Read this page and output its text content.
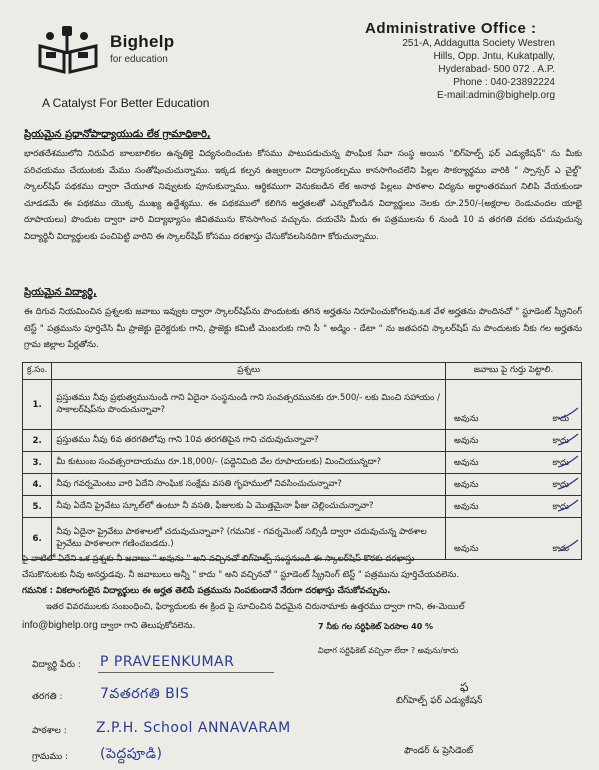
Bighelp
for education
A Catalyst For Better Education
Administrative Office :
251-A, Addagutta Society Westren
Hills, Opp. Jntu, Kukatpally,
Hyderabad- 500 072 . A.P.
Phone : 040-23892224
E-mail:admin@bighelp.org
ప్రియమైన ప్రధానోపాధ్యాయుడు లేక గ్రామాధికారి,
భారతదేశములోని నిరుపేద బాలబాలికల ఉన్నతికై విద్యనందించుట కోసము పాటుపడుచున్న పొంఘిక సేవా సంస్థ అయిన "బిగ్‌హెల్ప్ ఫర్ ఎడ్యుకేషన్" ను మీకు పరిచయము చేయుటకు మేము సంతోషించుచున్నాము. ఇక్కడ కల్పన ఉజ్వలంగా విద్యాసంకల్పము కానసాగించలేని పిల్లల సౌకర్యార్థము వారికి " స్పాన్సర్ ఎ చైల్డ్" స్కాలర్‌షిప్ పథకము ద్వారా చేయూత నివ్వుటకు పూనుకున్నాము. ఆర్థికముగా వెనుకబడిన లేక అనాథ పిల్లలు పాఠశాల విద్యను అర్థాంతరముగ నిలిపి వేయకుండా చూడడమే ఈ పథకము యొక్క ముఖ్య ఉద్దేశ్యము. ఈ పథకములో కలిగిన అర్హతలతో ఎన్నుకోబడిన విద్యార్థులు నెలకు రూ.250/-(అక్షరాల రెండువందల యాభై రూపాయలు) పొందుట ద్వారా వారి విద్యాభ్యాసం జీవితమును కొనసాగించ వచ్చును. దయచేసి మీరు ఈ పత్రములను 6 నుండి 10 వ తరగతి వరకు చదువుచున్న విద్యార్థినీ విద్యార్థులకు పంచిపెట్టి వారిని ఈ స్కాలర్‌షిప్ కోసము దరఖాస్తు చేసుకోవలసినదిగా కోరుచున్నాము.
ప్రియమైన విద్యార్థి,
ఈ దిగువ నియమించిన ప్రశ్నలకు జవాబు ఇవ్వుట ద్వారా స్కాలర్‌షిప్‌ను పొందుటకు తగిన అర్హతను నిరూపించుకోగలవు.ఒక వేళ అర్హతను పొందినచో " స్టూడెంట్ స్క్రీనింగ్ టెస్ట్ " పత్రమును పూర్తిచేసి మీ ప్రాజెక్టు డైరెక్టరుకు గాని, ప్రాజెక్టు కమిటీ మెంబరుకు గాని సీ " అడ్మిం - డేటా " ను జతపరచి స్కాలర్‌షిప్ ను పొందుటకు నీకు గల అర్హతను గ్రామ జిల్లాల పేర్లతోను.
క్ర.సం.	ప్రశ్నలు	జవాబు పై గుర్తు పెట్టాలి.
1.	ప్రస్తుతము నీవు ప్రభుత్వమునుండి గాని ఏదైనా సంస్థనుండి గాని సంవత్సరమునకు రూ.500/- లకు మించి సహాయం / సాకాలర్‌షిప్‌ను పొందుచున్నావా?	అవును కాదు

2.	ప్రస్తుతము నీవు 6వ తరగతిలోపు గాని 10వ తరగతిపైన గాని చదువుచున్నావా?	అవును కాదు

3.	మీ కుటుంబ సంవత్సరాదాయము రూ.18,000/- (పద్దెనిమిది వేల రూపాయలకు) మించియున్నదా?	అవును కాదు

4.	నీవు గవర్నమెంటు వారి ఏదేని సాంఘిక సంక్షేమ వసతి గృహములో నివసించుచున్నావా?	అవును కాదు

5.	నీవు ఏదేని ప్రైవేటు స్కూల్‌లో ఉంటూ నీ వసతి, ఫీజులకు ఏ మొత్తమైనా ఫీజు చెల్లించుచున్నావా?	అవును కాదు

6.	నీవు ఏదైనా ప్రైవేటు పాఠశాలలో చదువుచున్నావా? (గమనిక - గవర్నమెంట్ సబ్సిడీ ద్వారా చదువుచున్న పాఠశాల ప్రైవేటు పాఠశాలగా గణించబడదు.)	అవును కాదు
పై వాటిలో ఏదేని ఒక ప్రశ్నకు నీ జవాబు " అవును " అని వచ్చినచో బిగ్‌హెల్ప్ సంస్థనుండి ఈ స్కాలర్‌షిప్ కొరకు దరఖాస్తు
చేసుకొనుటకు నీవు అనర్హుడవు. నీ జవాబులు అన్నీ " కాదు " అని వచ్చినచో " స్టూడెంట్ స్క్రీనింగ్ టెస్ట్ " పత్రమును పూర్తిచేయవలెను.
గమనిక : వికలాంగులైన విద్యార్థులు ఈ అర్హత తెలిపే పత్రమును నింపకుండానే నేరుగా దరఖాస్తు చేసుకోవచ్చును.
ఇతర వివరములకు సంబంధించి, ఫిర్యాదులకు ఈ క్రింద పై సూచించిన విధమైన చిరునామాకు ఉత్తరము ద్వారా గాని, ఈ-మెయిల్
info@bighelp.org ద్వారా గాని తెలుపుకోవలెను.	7 నీకు గల సర్టిఫికెట్ పెరసాల 40 %
విభాగ సర్టిఫికెట్ వచ్చినా లేదా ? అవును/కాదు
విద్యార్థి పేరు : P PRAVEENKUMAR
తరగతి :	7వతరగతి BIS
పాఠశాల : Z.P.H. School ANNAVARAM
గ్రామము : (పెద్దపూడి)
ఫ
బిగ్‌హెల్ప్ ఫర్ ఎడ్యుకేషన్
ఫౌండర్ & ప్రెసిడెంట్
